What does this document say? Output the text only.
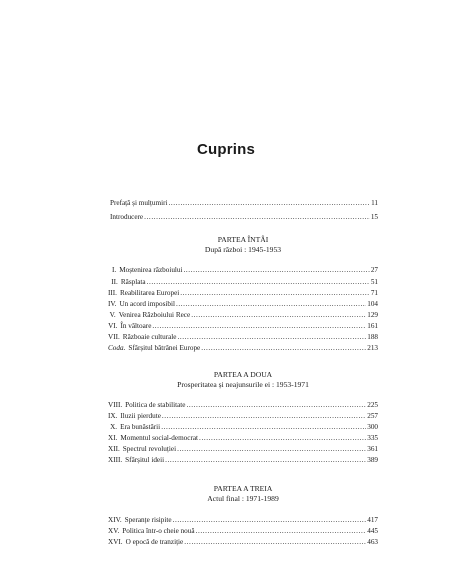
Cuprins
Prefață și mulțumiri .....	11
Introducere .....	15
PARTEA ÎNTÂI
După război : 1945-1953
I. Moștenirea războiului .....	27
II. Răsplata .....	51
III. Reabilitarea Europei .....	71
IV. Un acord imposibil .....	104
V. Venirea Războiului Rece .....	129
VI. În vâltoare .....	161
VII. Războaie culturale .....	188
Coda. Sfârșitul bătrânei Europe .....	213
PARTEA A DOUA
Prosperitatea și neajunsurile ei : 1953-1971
VIII. Politica de stabilitate .....	225
IX. Iluzii pierdute .....	257
X. Era bunăstării .....	300
XI. Momentul social-democrat .....	335
XII. Spectrul revoluției .....	361
XIII. Sfârșitul ideii .....	389
PARTEA A TREIA
Actul final : 1971-1989
XIV. Speranțe risipite .....	417
XV. Politica într-o cheie nouă .....	445
XVI. O epocă de tranziție .....	463
